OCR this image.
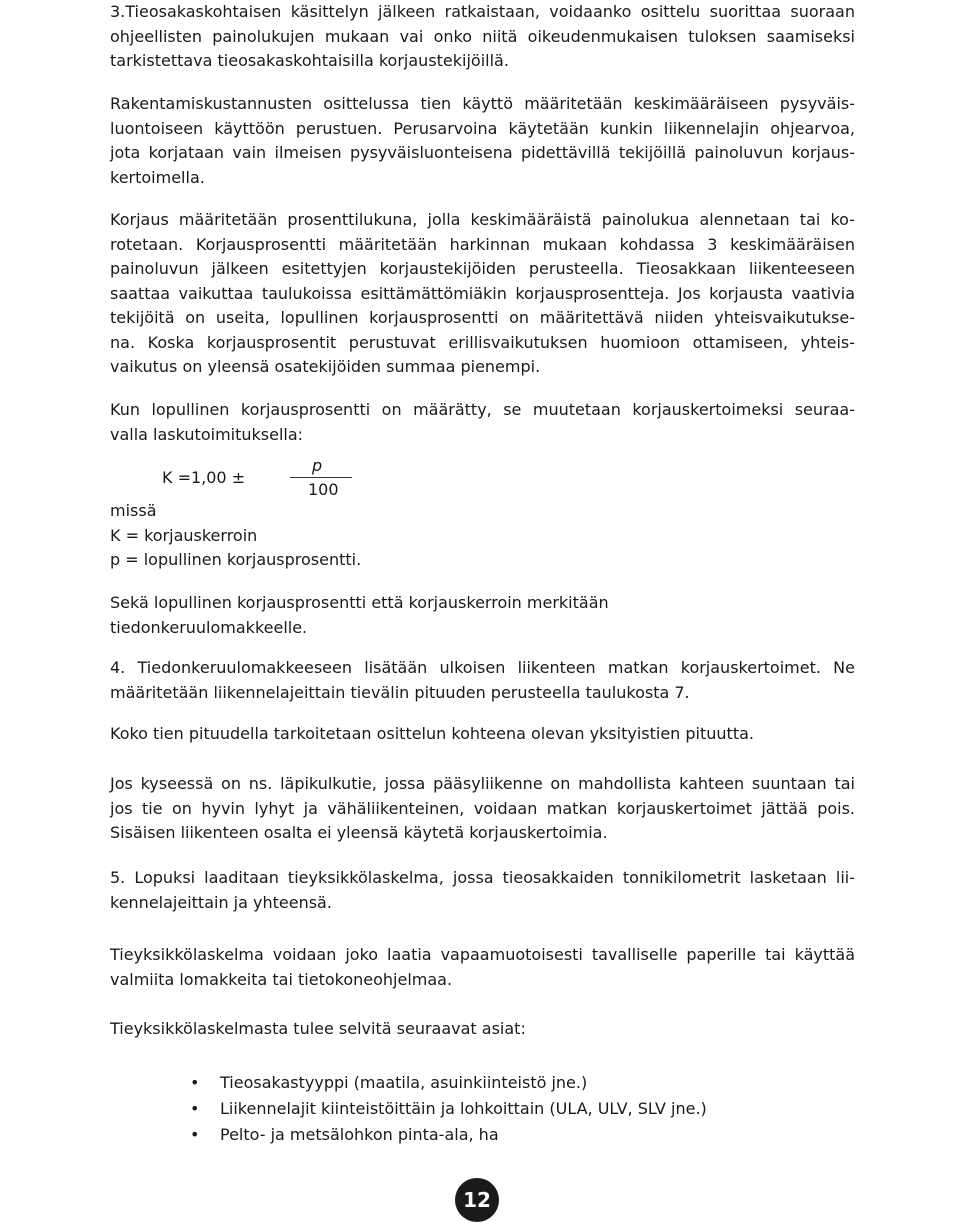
3.Tieosakaskohtaisen käsittelyn jälkeen ratkaistaan, voidaanko osittelu suorittaa suoraan
ohjeellisten painolukujen mukaan vai onko niitä oikeudenmukaisen tuloksen saamiseksi
tarkistettava tieosakaskohtaisilla korjaustekijöillä.

Rakentamiskustannusten osittelussa tien käyttö määritetään keskimääräiseen pysyväis-
luontoiseen käyttöön perustuen. Perusarvoina käytetään kunkin liikennelajin ohjearvoa,
jota korjataan vain ilmeisen pysyväisluonteisena pidettävillä tekijöillä painoluvun korjaus-
kertoimella.

Korjaus määritetään prosenttilukuna, jolla keskimääräistä painolukua alennetaan tai ko-
rotetaan. Korjausprosentti määritetään harkinnan mukaan kohdassa 3 keskimääräisen
painoluvun jälkeen esitettyjen korjaustekijöiden perusteella. Tieosakkaan liikenteeseen
saattaa vaikuttaa taulukoissa esittämättömiäkin korjausprosentteja. Jos korjausta vaativia
tekijöitä on useita, lopullinen korjausprosentti on määritettävä niiden yhteisvaikutukse-
na. Koska korjausprosentit perustuvat erillisvaikutuksen huomioon ottamiseen, yhteis-
vaikutus on yleensä osatekijöiden summaa pienempi.

Kun lopullinen korjausprosentti on määrätty, se muutetaan korjauskertoimeksi seuraa-
valla laskutoimituksella:

K =1,00 ±
p
100

missä
K = korjauskerroin
p = lopullinen korjausprosentti.

Sekä lopullinen korjausprosentti että korjauskerroin merkitään
tiedonkeruulomakkeelle.

4. Tiedonkeruulomakkeeseen lisätään ulkoisen liikenteen matkan korjauskertoimet. Ne
määritetään liikennelajeittain tievälin pituuden perusteella taulukosta 7.

Koko tien pituudella tarkoitetaan osittelun kohteena olevan yksityistien pituutta.

Jos kyseessä on ns. läpikulkutie, jossa pääsyliikenne on mahdollista kahteen suuntaan tai
jos tie on hyvin lyhyt ja vähäliikenteinen, voidaan matkan korjauskertoimet jättää pois.
Sisäisen liikenteen osalta ei yleensä käytetä korjauskertoimia.

5. Lopuksi laaditaan tieyksikkölaskelma, jossa tieosakkaiden tonnikilometrit lasketaan lii-
kennelajeittain ja yhteensä.

Tieyksikkölaskelma voidaan joko laatia vapaamuotoisesti tavalliselle paperille tai käyttää
valmiita lomakkeita tai tietokoneohjelmaa.

Tieyksikkölaskelmasta tulee selvitä seuraavat asiat:

• Tieosakastyyppi (maatila, asuinkiinteistö jne.)
• Liikennelajit kiinteistöittäin ja lohkoittain (ULA, ULV, SLV jne.)
• Pelto- ja metsälohkon pinta-ala, ha
12
